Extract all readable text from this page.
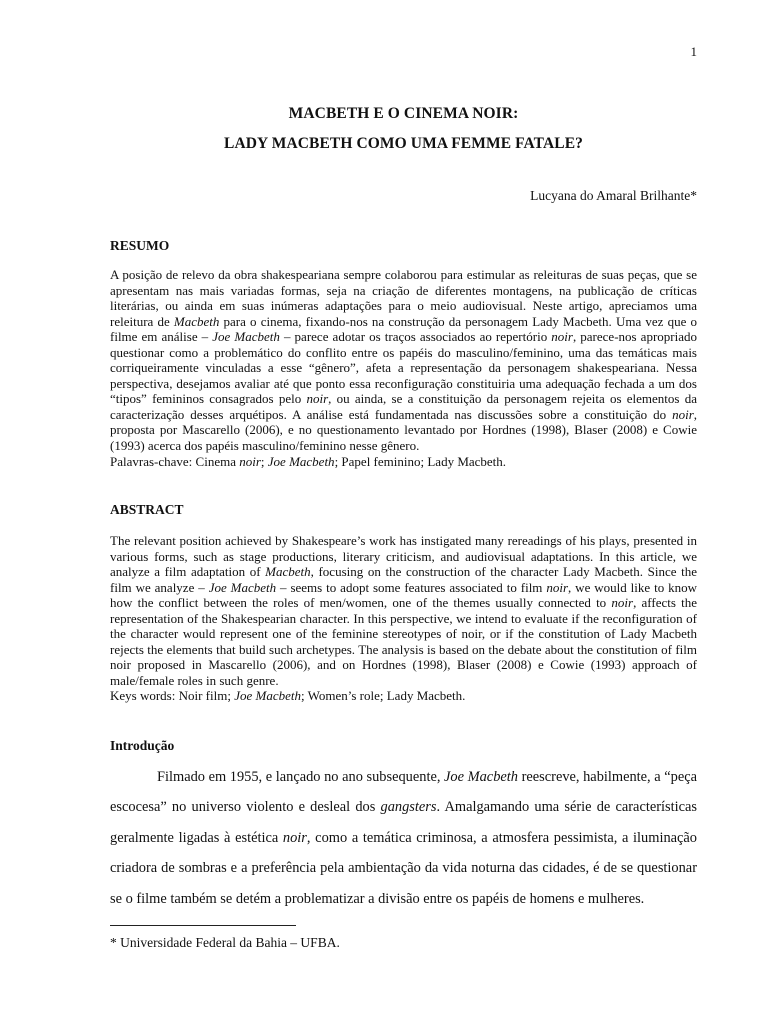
1
MACBETH E O CINEMA NOIR:
LADY MACBETH COMO UMA FEMME FATALE?
Lucyana do Amaral Brilhante*
RESUMO
A posição de relevo da obra shakespeariana sempre colaborou para estimular as releituras de suas peças, que se apresentam nas mais variadas formas, seja na criação de diferentes montagens, na publicação de críticas literárias, ou ainda em suas inúmeras adaptações para o meio audiovisual. Neste artigo, apreciamos uma releitura de Macbeth para o cinema, fixando-nos na construção da personagem Lady Macbeth. Uma vez que o filme em análise – Joe Macbeth – parece adotar os traços associados ao repertório noir, parece-nos apropriado questionar como a problemático do conflito entre os papéis do masculino/feminino, uma das temáticas mais corriqueiramente vinculadas a esse “gênero”, afeta a representação da personagem shakespeariana. Nessa perspectiva, desejamos avaliar até que ponto essa reconfiguração constituiria uma adequação fechada a um dos “tipos” femininos consagrados pelo noir, ou ainda, se a constituição da personagem rejeita os elementos da caracterização desses arquétipos. A análise está fundamentada nas discussões sobre a constituição do noir, proposta por Mascarello (2006), e no questionamento levantado por Hordnes (1998), Blaser (2008) e Cowie (1993) acerca dos papéis masculino/feminino nesse gênero.
Palavras-chave: Cinema noir; Joe Macbeth; Papel feminino; Lady Macbeth.
ABSTRACT
The relevant position achieved by Shakespeare’s work has instigated many rereadings of his plays, presented in various forms, such as stage productions, literary criticism, and audiovisual adaptations. In this article, we analyze a film adaptation of Macbeth, focusing on the construction of the character Lady Macbeth. Since the film we analyze – Joe Macbeth – seems to adopt some features associated to film noir, we would like to know how the conflict between the roles of men/women, one of the themes usually connected to noir, affects the representation of the Shakespearian character. In this perspective, we intend to evaluate if the reconfiguration of the character would represent one of the feminine stereotypes of noir, or if the constitution of Lady Macbeth rejects the elements that build such archetypes. The analysis is based on the debate about the constitution of film noir proposed in Mascarello (2006), and on Hordnes (1998), Blaser (2008) e Cowie (1993) approach of male/female roles in such genre.
Keys words: Noir film; Joe Macbeth; Women’s role; Lady Macbeth.
Introdução
Filmado em 1955, e lançado no ano subsequente, Joe Macbeth reescreve, habilmente, a “peça escocesa” no universo violento e desleal dos gangsters. Amalgamando uma série de características geralmente ligadas à estética noir, como a temática criminosa, a atmosfera pessimista, a iluminação criadora de sombras e a preferência pela ambientação da vida noturna das cidades, é de se questionar se o filme também se detém a problematizar a divisão entre os papéis de homens e mulheres.
* Universidade Federal da Bahia – UFBA.
